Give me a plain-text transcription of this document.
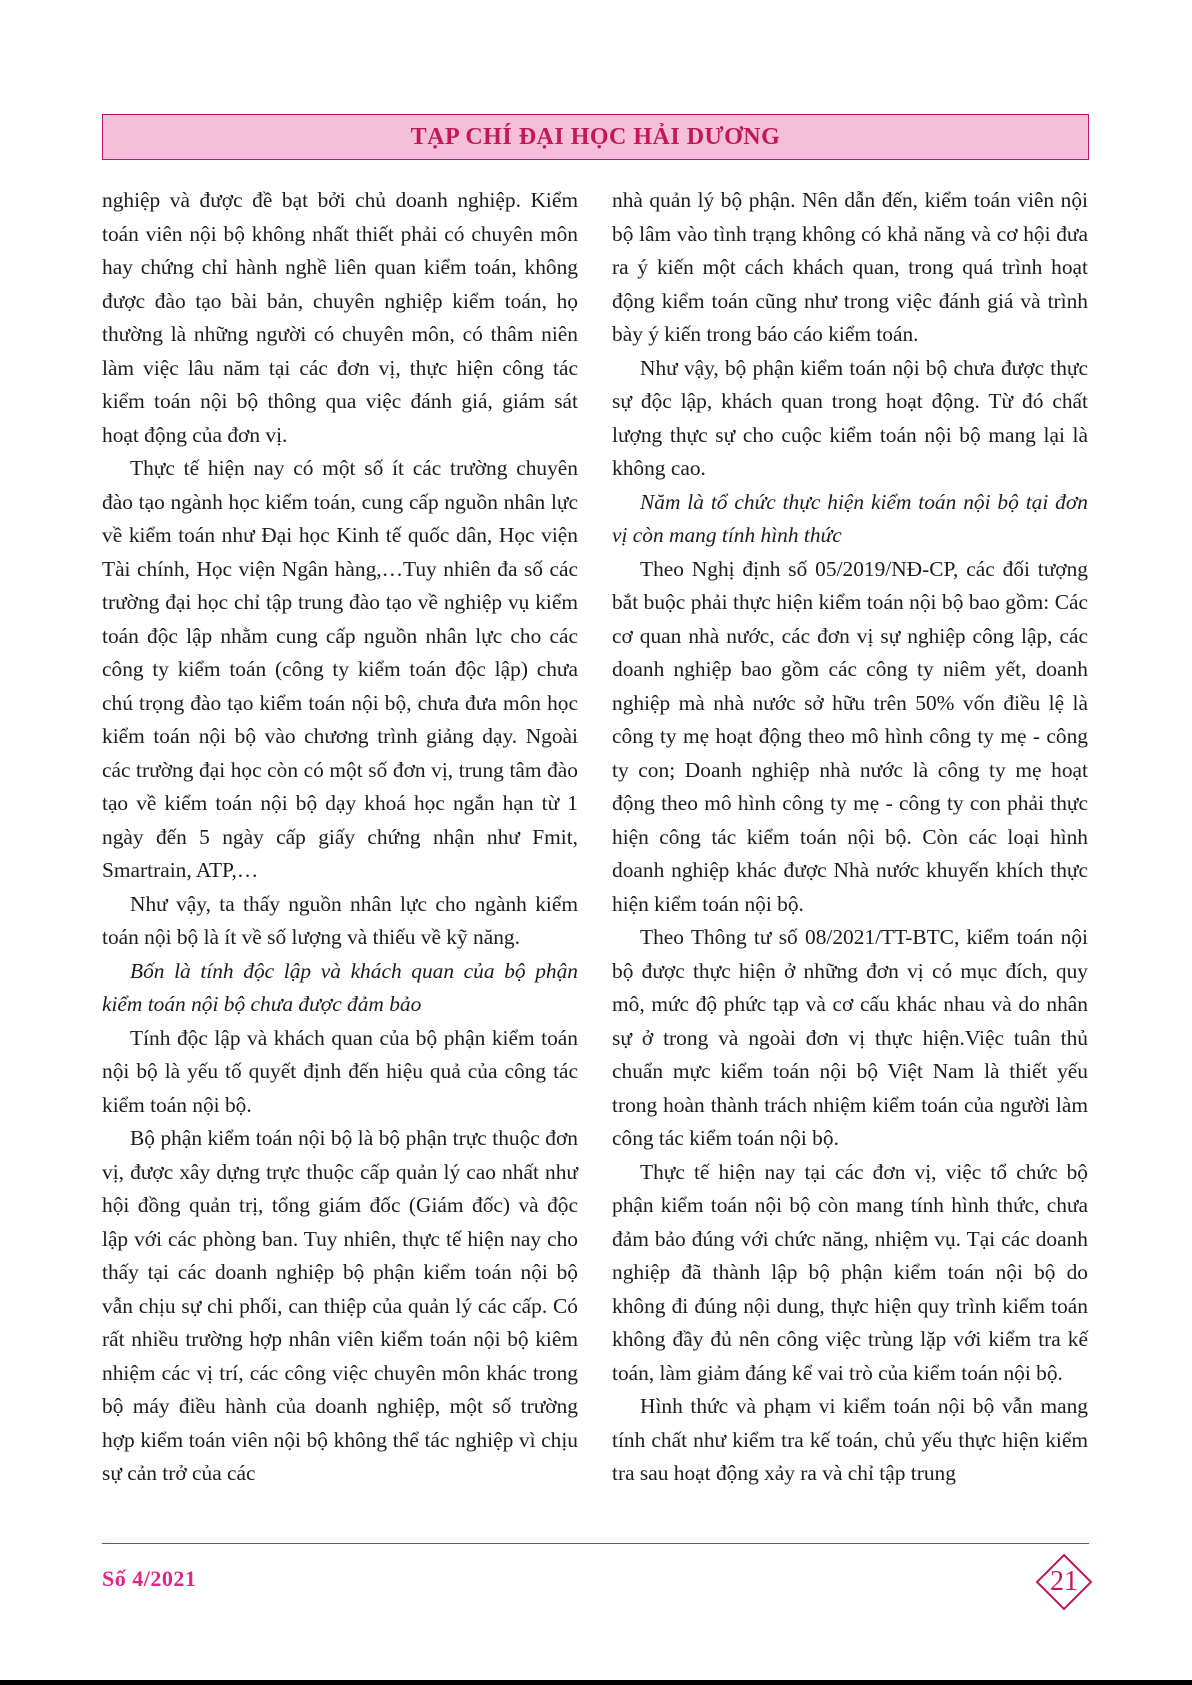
TẠP CHÍ ĐẠI HỌC HẢI DƯƠNG

nghiệp và được đề bạt bởi chủ doanh nghiệp. Kiểm toán viên nội bộ không nhất thiết phải có chuyên môn hay chứng chỉ hành nghề liên quan kiểm toán, không được đào tạo bài bản, chuyên nghiệp kiểm toán, họ thường là những người có chuyên môn, có thâm niên làm việc lâu năm tại các đơn vị, thực hiện công tác kiểm toán nội bộ thông qua việc đánh giá, giám sát hoạt động của đơn vị.

Thực tế hiện nay có một số ít các trường chuyên đào tạo ngành học kiểm toán, cung cấp nguồn nhân lực về kiểm toán như Đại học Kinh tế quốc dân, Học viện Tài chính, Học viện Ngân hàng,…Tuy nhiên đa số các trường đại học chỉ tập trung đào tạo về nghiệp vụ kiểm toán độc lập nhằm cung cấp nguồn nhân lực cho các công ty kiểm toán (công ty kiểm toán độc lập) chưa chú trọng đào tạo kiểm toán nội bộ, chưa đưa môn học kiểm toán nội bộ vào chương trình giảng dạy. Ngoài các trường đại học còn có một số đơn vị, trung tâm đào tạo về kiểm toán nội bộ dạy khoá học ngắn hạn từ 1 ngày đến 5 ngày cấp giấy chứng nhận như Fmit, Smartrain, ATP,…

Như vậy, ta thấy nguồn nhân lực cho ngành kiểm toán nội bộ là ít về số lượng và thiếu về kỹ năng.

Bốn là tính độc lập và khách quan của bộ phận kiểm toán nội bộ chưa được đảm bảo

Tính độc lập và khách quan của bộ phận kiểm toán nội bộ là yếu tố quyết định đến hiệu quả của công tác kiểm toán nội bộ.

Bộ phận kiểm toán nội bộ là bộ phận trực thuộc đơn vị, được xây dựng trực thuộc cấp quản lý cao nhất như hội đồng quản trị, tổng giám đốc (Giám đốc) và độc lập với các phòng ban. Tuy nhiên, thực tế hiện nay cho thấy tại các doanh nghiệp bộ phận kiểm toán nội bộ vẫn chịu sự chi phối, can thiệp của quản lý các cấp. Có rất nhiều trường hợp nhân viên kiểm toán nội bộ kiêm nhiệm các vị trí, các công việc chuyên môn khác trong bộ máy điều hành của doanh nghiệp, một số trường hợp kiểm toán viên nội bộ không thể tác nghiệp vì chịu sự cản trở của các

nhà quản lý bộ phận. Nên dẫn đến, kiểm toán viên nội bộ lâm vào tình trạng không có khả năng và cơ hội đưa ra ý kiến một cách khách quan, trong quá trình hoạt động kiểm toán cũng như trong việc đánh giá và trình bày ý kiến trong báo cáo kiểm toán.

Như vậy, bộ phận kiểm toán nội bộ chưa được thực sự độc lập, khách quan trong hoạt động. Từ đó chất lượng thực sự cho cuộc kiểm toán nội bộ mang lại là không cao.

Năm là tổ chức thực hiện kiểm toán nội bộ tại đơn vị còn mang tính hình thức

Theo Nghị định số 05/2019/NĐ-CP, các đối tượng bắt buộc phải thực hiện kiểm toán nội bộ bao gồm: Các cơ quan nhà nước, các đơn vị sự nghiệp công lập, các doanh nghiệp bao gồm các công ty niêm yết, doanh nghiệp mà nhà nước sở hữu trên 50% vốn điều lệ là công ty mẹ hoạt động theo mô hình công ty mẹ - công ty con; Doanh nghiệp nhà nước là công ty mẹ hoạt động theo mô hình công ty mẹ - công ty con phải thực hiện công tác kiểm toán nội bộ. Còn các loại hình doanh nghiệp khác được Nhà nước khuyến khích thực hiện kiểm toán nội bộ.

Theo Thông tư số 08/2021/TT-BTC, kiểm toán nội bộ được thực hiện ở những đơn vị có mục đích, quy mô, mức độ phức tạp và cơ cấu khác nhau và do nhân sự ở trong và ngoài đơn vị thực hiện.Việc tuân thủ chuẩn mực kiểm toán nội bộ Việt Nam là thiết yếu trong hoàn thành trách nhiệm kiểm toán của người làm công tác kiểm toán nội bộ.

Thực tế hiện nay tại các đơn vị, việc tổ chức bộ phận kiểm toán nội bộ còn mang tính hình thức, chưa đảm bảo đúng với chức năng, nhiệm vụ. Tại các doanh nghiệp đã thành lập bộ phận kiểm toán nội bộ do không đi đúng nội dung, thực hiện quy trình kiểm toán không đầy đủ nên công việc trùng lặp với kiểm tra kế toán, làm giảm đáng kể vai trò của kiểm toán nội bộ.

Hình thức và phạm vi kiểm toán nội bộ vẫn mang tính chất như kiểm tra kế toán, chủ yếu thực hiện kiểm tra sau hoạt động xảy ra và chỉ tập trung

Số 4/2021	21
